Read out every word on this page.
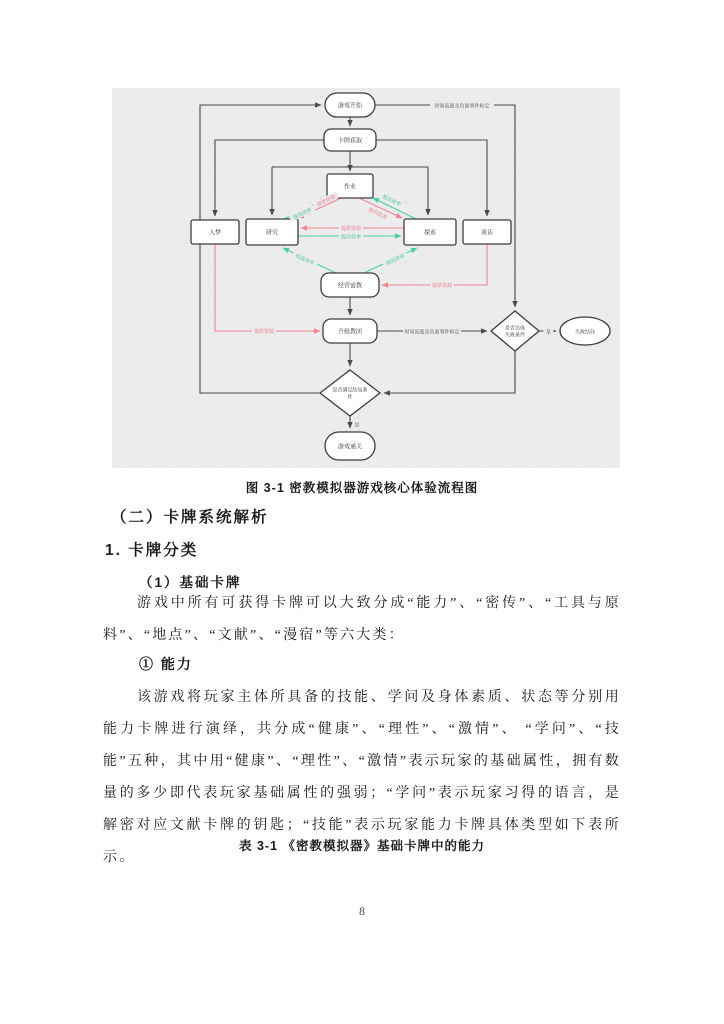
游戏开始
卡牌获取
作业
入梦	研究	探索	谈话
经营密教
升级教团	是否达成
失败条件
失败结局
是否满足结局条
件
游戏通关
时间流逝及负面事件检定
时间流逝及负面事件检定	是
是
提供资源
提高效率
提供资源
提供资源
提供资源
提高效率
提高效率
提供资源
提高效率	提高效率
图 3-1 密教模拟器游戏核心体验流程图
（二）卡牌系统解析
1. 卡牌分类
（1）基础卡牌
游戏中所有可获得卡牌可以大致分成“能力”、“密传”、“工具与原料”、“地点”、“文献”、“漫宿”等六大类：
① 能力
该游戏将玩家主体所具备的技能、学问及身体素质、状态等分别用能力卡牌进行演绎，共分成“健康”、“理性”、“激情”、 “学问”、“技能”五种，其中用“健康”、“理性”、“激情”表示玩家的基础属性，拥有数量的多少即代表玩家基础属性的强弱；“学问”表示玩家习得的语言，是解密对应文献卡牌的钥匙；“技能”表示玩家能力卡牌具体类型如下表所示。
表 3-1 《密教模拟器》基础卡牌中的能力
8
